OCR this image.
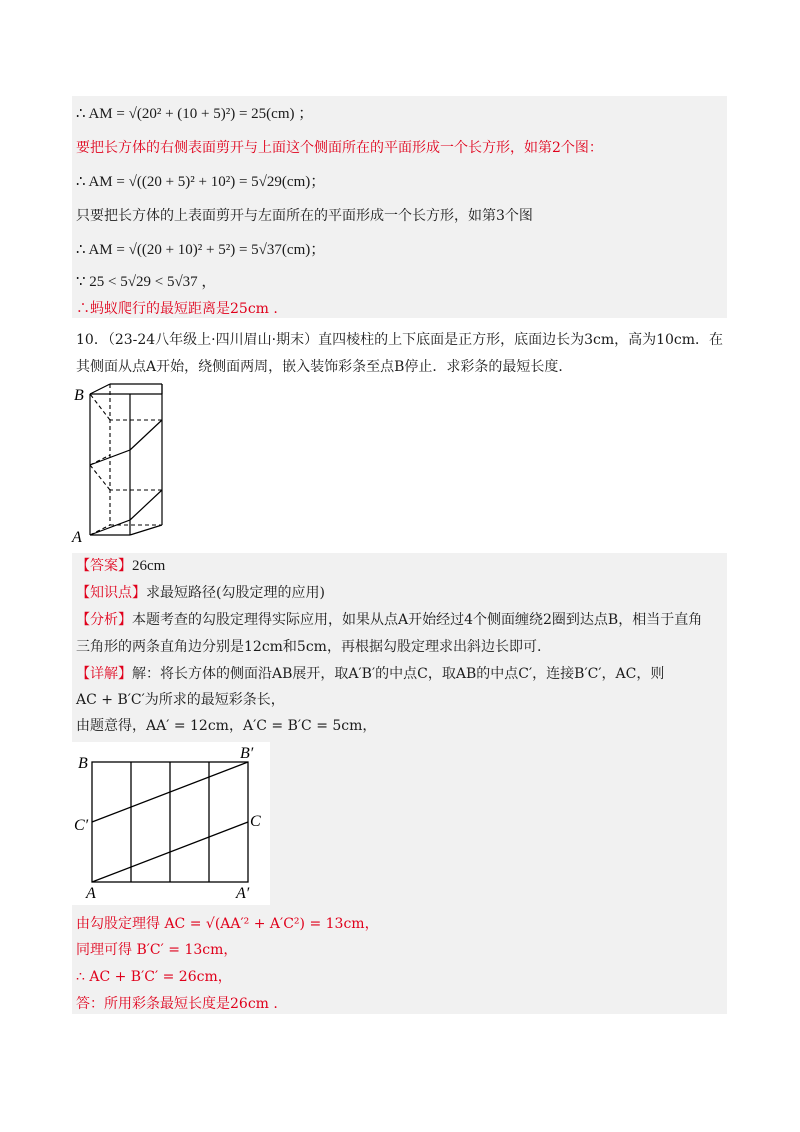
∴ AM = √(20² + (10 + 5)²) = 25(cm) ；
要把长方体的右侧表面剪开与上面这个侧面所在的平面形成一个长方形，如第2个图：
∴ AM = √((20 + 5)² + 10²) = 5√29(cm)；
只要把长方体的上表面剪开与左面所在的平面形成一个长方形，如第3个图
∴ AM = √((20 + 10)² + 5²) = 5√37(cm)；
∵ 25 < 5√29 < 5√37 ，
∴蚂蚁爬行的最短距离是25cm .
10．（23-24八年级上·四川眉山·期末）直四棱柱的上下底面是正方形，底面边长为3cm，高为10cm．在
其侧面从点A开始，绕侧面两周，嵌入装饰彩条至点B停止．求彩条的最短长度．
B
A
【答案】26cm
【知识点】求最短路径(勾股定理的应用)
【分析】本题考查的勾股定理得实际应用，如果从点A开始经过4个侧面缠绕2圈到达点B，相当于直角
三角形的两条直角边分别是12cm和5cm，再根据勾股定理求出斜边长即可.
【详解】解：将长方体的侧面沿AB展开，取A′B′的中点C，取AB的中点C′，连接B′C′，AC，则
AC + B′C′为所求的最短彩条长，
由题意得，AA′ = 12cm，A′C = B′C = 5cm，
B
B′
C′	C
A	A′
由勾股定理得 AC = √(AA′² + A′C²) = 13cm，
同理可得 B′C′ = 13cm，
∴ AC + B′C′ = 26cm，
答：所用彩条最短长度是26cm .
